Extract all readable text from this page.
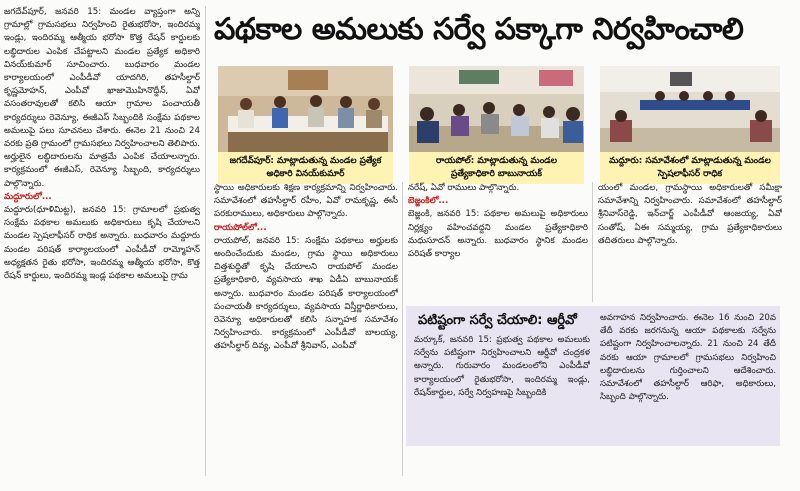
జగదేవ్‌పూర్, జనవరి 15: మండల వ్యాప్తంగా అన్ని గ్రామాల్లో గ్రామసభలు నిర్వహించి రైతుభరోసా, ఇందిరమ్మ ఇండ్లు, ఇందిరమ్మ ఆత్మీయ భరోసా కొత్త రేషన్ కార్డులకు లబ్ధిదారుల ఎంపిక చేపట్టాలని మండల ప్రత్యేక అధికారి వినయ్‌కుమార్ సూచించారు. బుధవారం మండల కార్యాలయంలో ఎంపీడీవో యాదగిరి, తహసీల్దార్ కృష్ణమోహన్, ఎంపీవో ఖాజామొహినొద్దీన్, ఏవో వసంతరావులతో కలిసి ఆయా గ్రామాల పంచాయతీ కార్యదర్శులు రెవెన్యూ, ఈజీఎస్ సిబ్బందికి సంక్షేమ పథకాల అమలుపై పలు సూచనలు చేశారు. ఈనెల 21 నుంచి 24 వరకు ప్రతి గ్రామంలో గ్రామసభలు నిర్వహించాలని తెలిపారు. అర్హులైన లబ్ధిదారులను మాత్రమే ఎంపిక చేయాలన్నారు. కార్యక్రమంలో ఈజీఎస్, రెవెన్యూ సిబ్బంది, కార్యదర్శులు పాల్గొన్నారు.

మద్దూరులో...

మద్దూరు(ధూళిమిట్ట), జనవరి 15: గ్రామాలలో ప్రభుత్వ సంక్షేమ పథకాల అమలుకు అధికారులు కృషి చేయాలని మండల స్పెషలాఫీసర్ రాధిక అన్నారు. బుధవారం మద్దూరు మండల పరిషత్ కార్యాలయంలో ఎంపీడీవో రామ్మోహన్ అధ్యక్షతన రైతు భరోసా, ఇందిరమ్మ ఆత్మీయ భరోసా, కొత్త రేషన్ కార్డులు, ఇందిరమ్మ ఇండ్ల పథకాల అమలుపై గ్రామ

పథకాల అమలుకు సర్వే పక్కాగా నిర్వహించాలి
జగదేవ్‌పూర్: మాట్లాడుతున్న మండల ప్రత్యేక అధికారి వినయ్‌కుమార్
రాయపోల్: మాట్లాడుతున్న మండల ప్రత్యేకాధికారి బాబునాయక్
మద్దూరు: సమావేశంలో మాట్లాడుతున్న మండల స్పెషలాఫీసర్ రాధిక

స్థాయి అధికారులకు శిక్షణ కార్యక్రమాన్ని నిర్వహించారు. సమావేశంలో తహసీల్దార్ రహీం, ఏవో రామకృష్ణ, ఈసీ పరకురాములు, అధికారులు పాల్గొన్నారు.

రాయపోల్‌లో...

రాయపోల్, జనవరి 15: సంక్షేమ పథకాలు అర్హులకు అందించేందుకు మండల, గ్రామ స్థాయి అధికారులు చిత్తశుద్ధితో కృషి చేయాలని రాయపోల్ మండల ప్రత్యేకాధికారి, వ్యవసాయ శాఖ ఏడీఏ బాబునాయక్ అన్నారు. బుధవారం మండల పరిషత్ కార్యాలయంలో పంచాయతీ కార్యదర్శులు, వ్యవసాయ విస్తీర్ణాధికారులు, రెవెన్యూ అధికారులతో కలిసి సన్నాహక సమావేశం నిర్వహించారు. కార్యక్రమంలో ఎంపీడీవో బాలయ్య, తహసీల్దార్ దివ్య, ఎంపీవో శ్రీనివాస్, ఎంపీవో

నరేష్, ఏవో రాములు పాల్గొన్నారు.

బెజ్జంకిలో...

బెజ్జంకి, జనవరి 15: పథకాల అమలుపై అధికారులు నిర్లక్ష్యం వహించవద్దని మండల ప్రత్యేకాధికారి మధుసూదన్ అన్నారు. బుధవారం స్థానిక మండల పరిషత్ కార్యాల

యంలో మండల, గ్రామస్థాయి అధికారులతో సమీక్షా సమావేశాన్ని నిర్వహించారు. సమావేశంలో తహసీల్దార్ శ్రీనివాస్‌రెడ్డి, ఇన్‌చార్జ్ ఎంపీడీవో ఆంజయ్య, ఏవో సంతోష్, ఏఈ సమ్మయ్య, గ్రామ ప్రత్యేకాధికారులు తదితరులు పాల్గొన్నారు.

పటిష్టంగా సర్వే చేయాలి: ఆర్డీవో

మర్కూక్, జనవరి 15: ప్రభుత్వ పథకాల అమలుకు సర్వేను పటిష్టంగా నిర్వహించాలని ఆర్డీవో చంద్రకళ అన్నారు. గురువారం మండలంలోని ఎంపీడీవో కార్యాలయంలో రైతుభరోసా, ఇందిరమ్మ ఇండ్లు, రేషన్‌కార్డుల, సర్వే నిర్వహణపై సిబ్బందికి

అవగాహన నిర్వహించారు. ఈనెల 16 నుంచి 20వ తేదీ వరకు జరగనున్న ఆయా పథకాలకు సర్వేను పటిష్టంగా నిర్వహించాలన్నారు. 21 నుంచి 24 తేదీ వరకు ఆయా గ్రామాలలో గ్రామసభలు నిర్వహించి లబ్ధిదారులను గుర్తించాలని ఆదేశించారు. సమావేశంలో తహసీల్దార్ ఆరిఫా, అధికారులు, సిబ్బంది పాల్గొన్నారు.
